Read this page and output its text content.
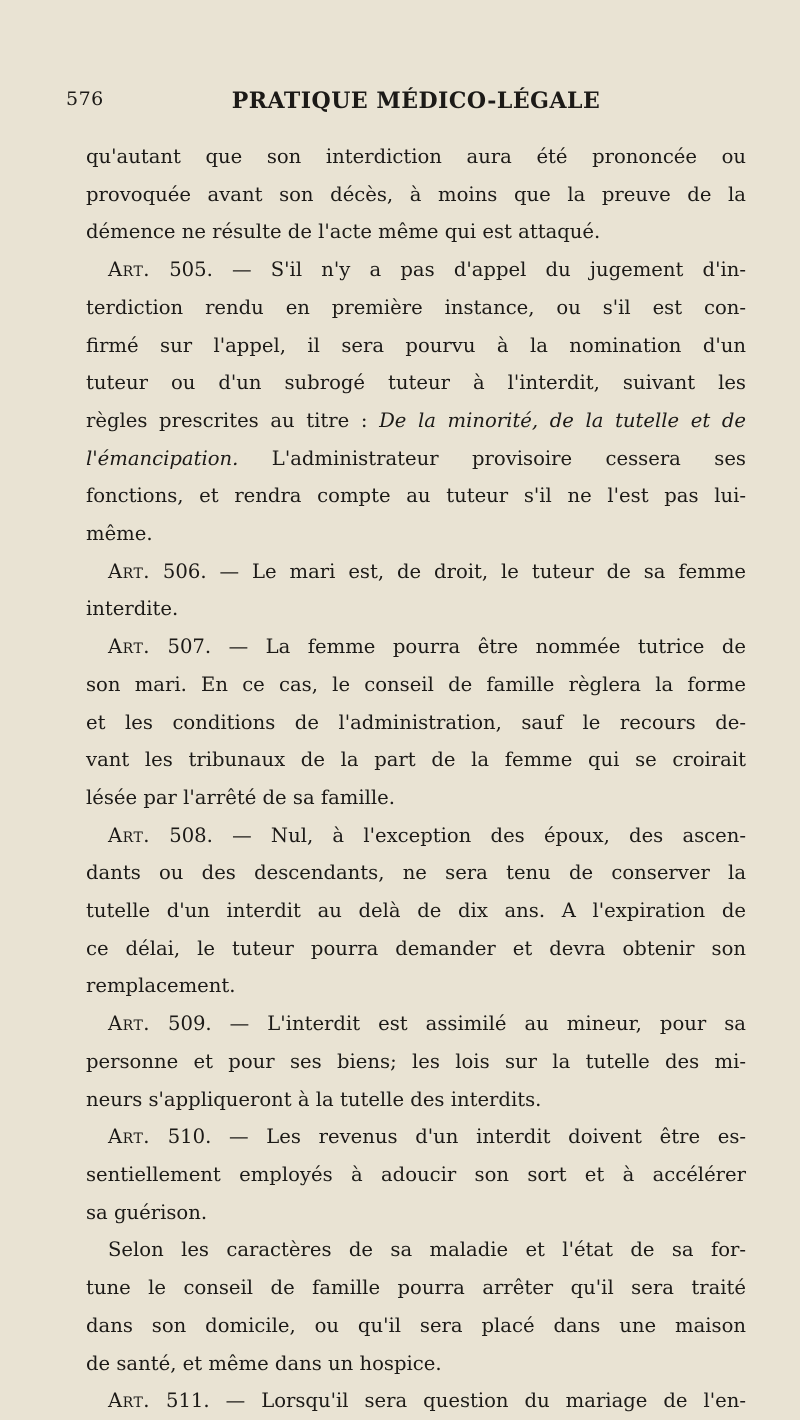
576	PRATIQUE MÉDICO-LÉGALE
qu'autant que son interdiction aura été prononcée ou
provoquée avant son décès, à moins que la preuve de la
démence ne résulte de l'acte même qui est attaqué.
Art. 505. — S'il n'y a pas d'appel du jugement d'in-
terdiction rendu en première instance, ou s'il est con-
firmé sur l'appel, il sera pourvu à la nomination d'un
tuteur ou d'un subrogé tuteur à l'interdit, suivant les
règles prescrites au titre : De la minorité, de la tutelle et de
l'émancipation. L'administrateur provisoire cessera ses
fonctions, et rendra compte au tuteur s'il ne l'est pas lui-
même.
Art. 506. — Le mari est, de droit, le tuteur de sa femme
interdite.
Art. 507. — La femme pourra être nommée tutrice de
son mari. En ce cas, le conseil de famille règlera la forme
et les conditions de l'administration, sauf le recours de-
vant les tribunaux de la part de la femme qui se croirait
lésée par l'arrêté de sa famille.
Art. 508. — Nul, à l'exception des époux, des ascen-
dants ou des descendants, ne sera tenu de conserver la
tutelle d'un interdit au delà de dix ans. A l'expiration de
ce délai, le tuteur pourra demander et devra obtenir son
remplacement.
Art. 509. — L'interdit est assimilé au mineur, pour sa
personne et pour ses biens; les lois sur la tutelle des mi-
neurs s'appliqueront à la tutelle des interdits.
Art. 510. — Les revenus d'un interdit doivent être es-
sentiellement employés à adoucir son sort et à accélérer
sa guérison.
Selon les caractères de sa maladie et l'état de sa for-
tune le conseil de famille pourra arrêter qu'il sera traité
dans son domicile, ou qu'il sera placé dans une maison
de santé, et même dans un hospice.
Art. 511. — Lorsqu'il sera question du mariage de l'en-
